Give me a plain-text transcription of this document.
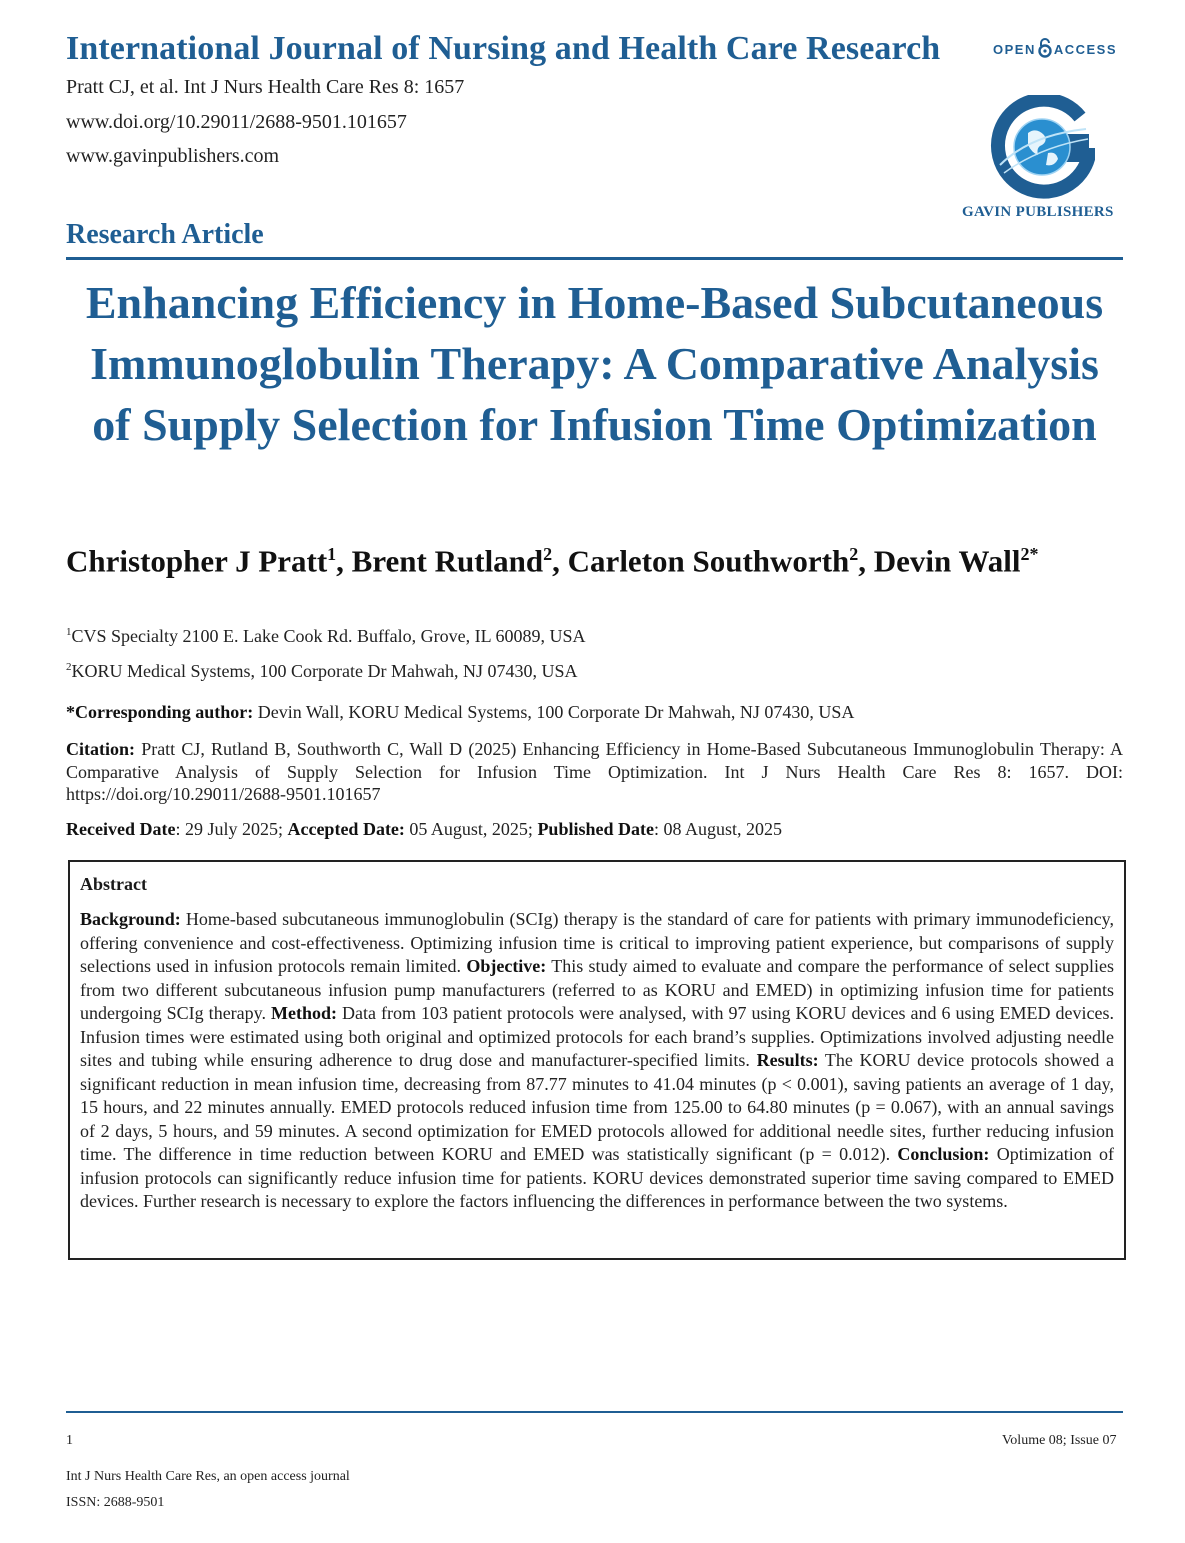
International Journal of Nursing and Health Care Research	OPEN ACCESS
Pratt CJ, et al. Int J Nurs Health Care Res 8: 1657
www.doi.org/10.29011/2688-9501.101657
www.gavinpublishers.com
GAVIN PUBLISHERS
Research Article
Enhancing Efficiency in Home-Based Subcutaneous Immunoglobulin Therapy: A Comparative Analysis of Supply Selection for Infusion Time Optimization
Christopher J Pratt$^1$, Brent Rutland$^2$, Carleton Southworth$^2$, Devin Wall$^{2*}$
$^1$CVS Specialty 2100 E. Lake Cook Rd. Buffalo, Grove, IL 60089, USA
$^2$KORU Medical Systems, 100 Corporate Dr Mahwah, NJ 07430, USA
*Corresponding author: Devin Wall, KORU Medical Systems, 100 Corporate Dr Mahwah, NJ 07430, USA
Citation: Pratt CJ, Rutland B, Southworth C, Wall D (2025) Enhancing Efficiency in Home-Based Subcutaneous Immunoglobulin Therapy: A Comparative Analysis of Supply Selection for Infusion Time Optimization. Int J Nurs Health Care Res 8: 1657. DOI: https://doi.org/10.29011/2688-9501.101657
Received Date: 29 July 2025; Accepted Date: 05 August, 2025; Published Date: 08 August, 2025
Abstract
Background: Home-based subcutaneous immunoglobulin (SCIg) therapy is the standard of care for patients with primary immunodeficiency, offering convenience and cost-effectiveness. Optimizing infusion time is critical to improving patient experience, but comparisons of supply selections used in infusion protocols remain limited. Objective: This study aimed to evaluate and compare the performance of select supplies from two different subcutaneous infusion pump manufacturers (referred to as KORU and EMED) in optimizing infusion time for patients undergoing SCIg therapy. Method: Data from 103 patient protocols were analysed, with 97 using KORU devices and 6 using EMED devices. Infusion times were estimated using both original and optimized protocols for each brand’s supplies. Optimizations involved adjusting needle sites and tubing while ensuring adherence to drug dose and manufacturer-specified limits. Results: The KORU device protocols showed a significant reduction in mean infusion time, decreasing from 87.77 minutes to 41.04 minutes (p < 0.001), saving patients an average of 1 day, 15 hours, and 22 minutes annually. EMED protocols reduced infusion time from 125.00 to 64.80 minutes (p = 0.067), with an annual savings of 2 days, 5 hours, and 59 minutes. A second optimization for EMED protocols allowed for additional needle sites, further reducing infusion time. The difference in time reduction between KORU and EMED was statistically significant (p = 0.012). Conclusion: Optimization of infusion protocols can significantly reduce infusion time for patients. KORU devices demonstrated superior time saving compared to EMED devices. Further research is necessary to explore the factors influencing the differences in performance between the two systems.
1	Volume 08; Issue 07
Int J Nurs Health Care Res, an open access journal
ISSN: 2688-9501
